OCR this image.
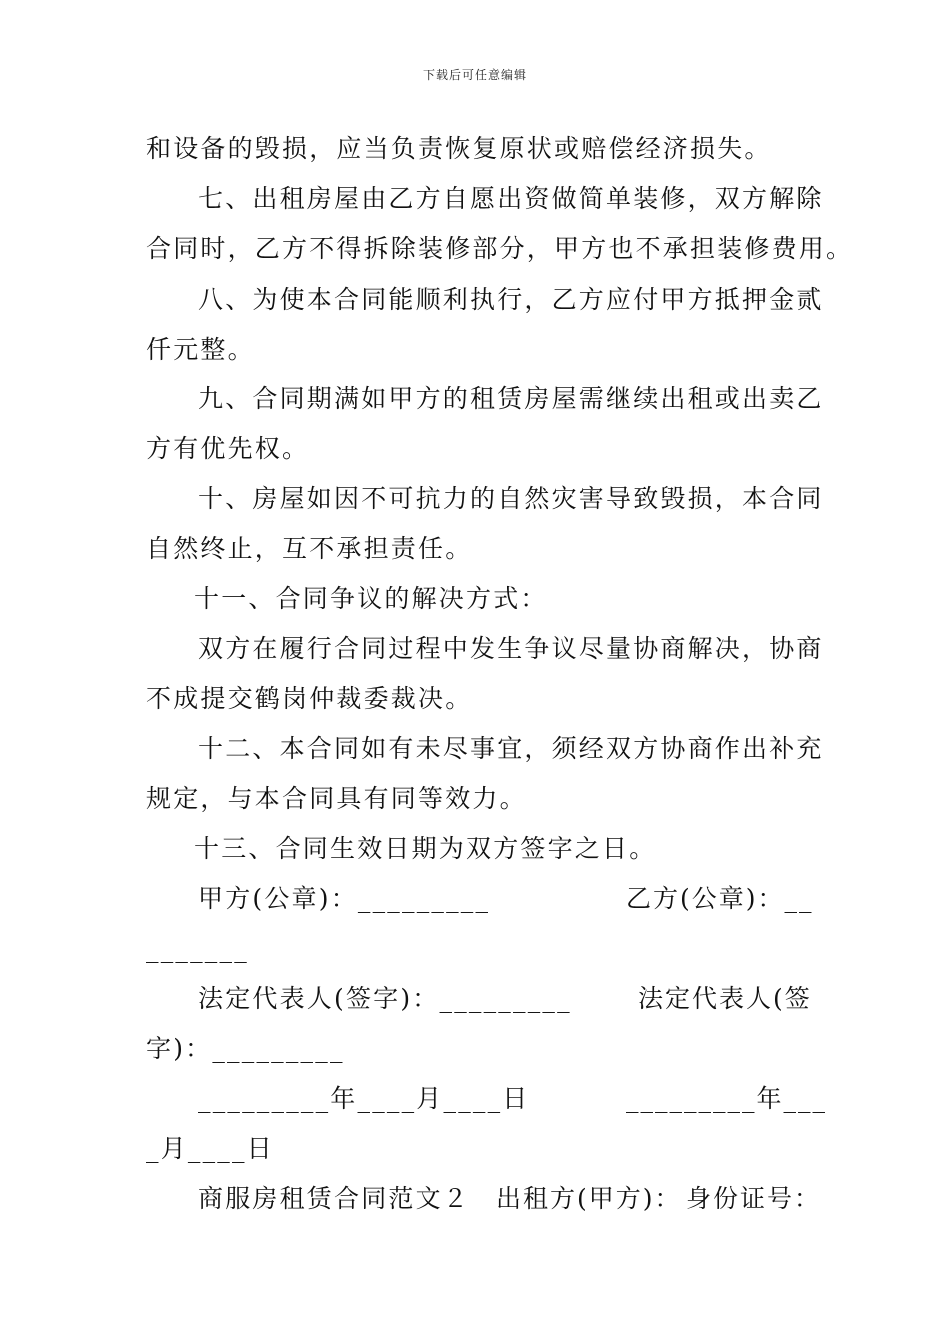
下载后可任意编辑
和设备的毁损，应当负责恢复原状或赔偿经济损失。
七、出租房屋由乙方自愿出资做简单装修，双方解除
合同时，乙方不得拆除装修部分，甲方也不承担装修费用。
八、为使本合同能顺利执行，乙方应付甲方抵押金贰
仟元整。
九、合同期满如甲方的租赁房屋需继续出租或出卖乙
方有优先权。
十、房屋如因不可抗力的自然灾害导致毁损，本合同
自然终止，互不承担责任。
十一、合同争议的解决方式：
双方在履行合同过程中发生争议尽量协商解决，协商
不成提交鹤岗仲裁委裁决。
十二、本合同如有未尽事宜，须经双方协商作出补充
规定，与本合同具有同等效力。
十三、合同生效日期为双方签字之日。
甲方(公章)：_________	乙方(公章)：__
_______
法定代表人(签字)：_________	法定代表人(签
字)：_________
_________年____月____日	_________年___
_月____日
商服房租赁合同范文２ 出租方(甲方)： 身份证号：
